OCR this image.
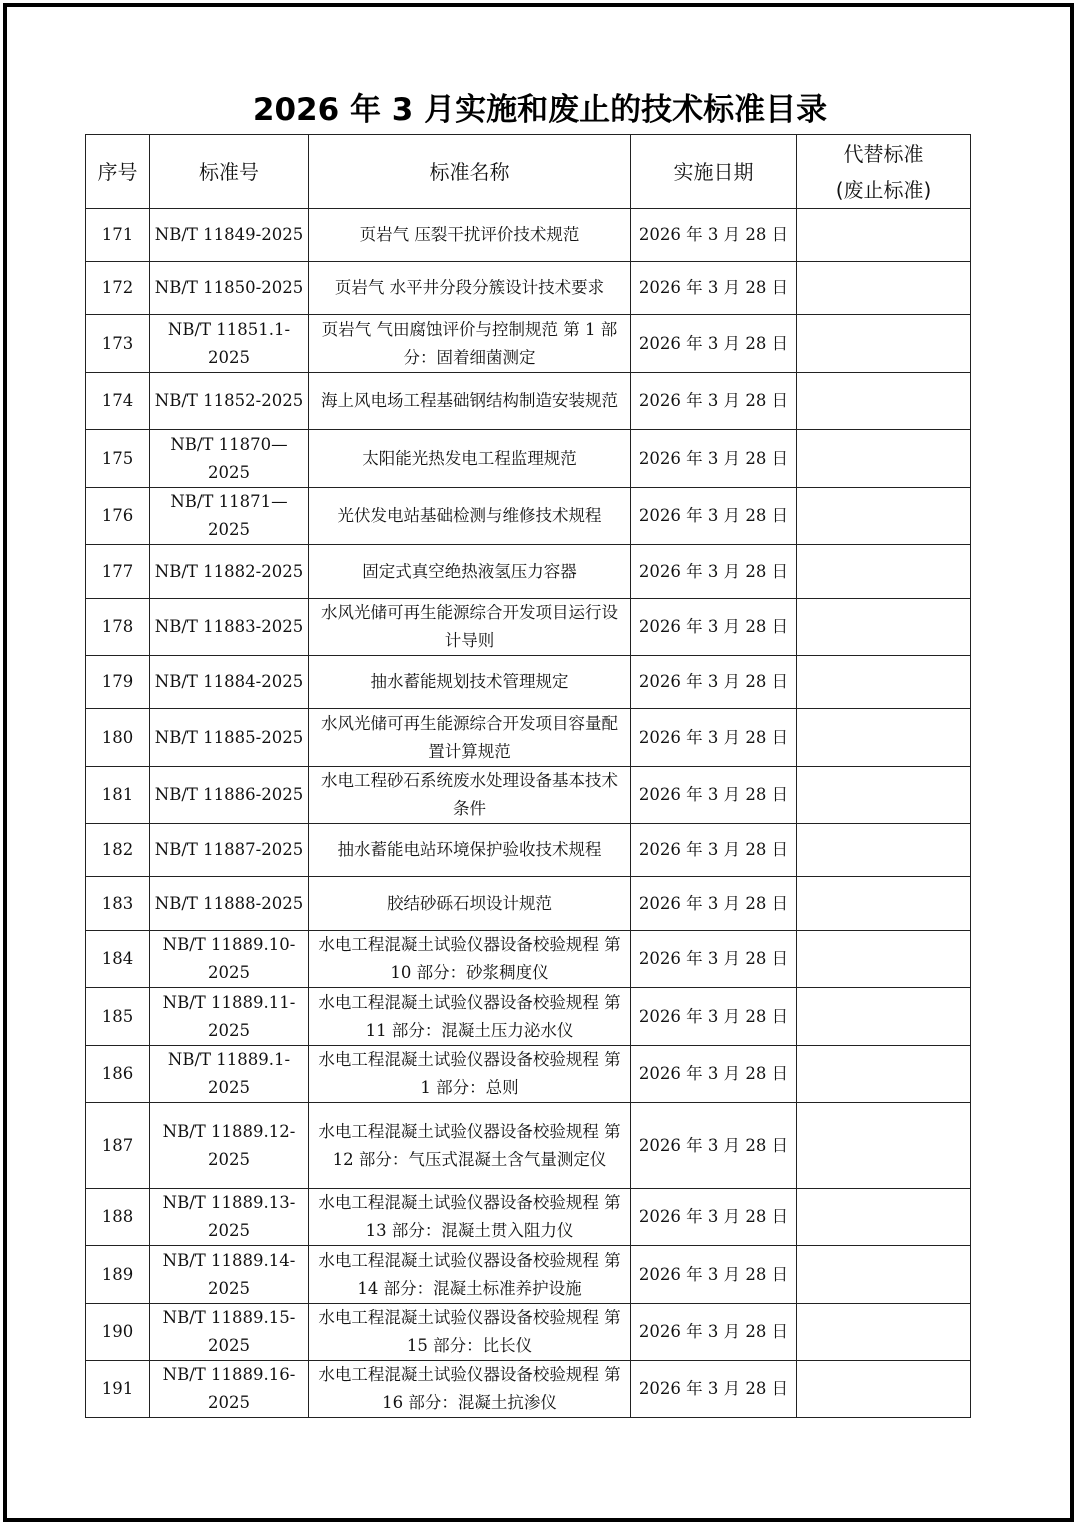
2026 年 3 月实施和废止的技术标准目录
序号	标准号	标准名称	实施日期	代替标准
(废止标准)

171	NB/T 11849-2025	页岩气 压裂干扰评价技术规范	2026 年 3 月 28 日	
172	NB/T 11850-2025	页岩气 水平井分段分簇设计技术要求	2026 年 3 月 28 日	
173	NB/T 11851.1-2025	页岩气 气田腐蚀评价与控制规范 第 1 部分：固着细菌测定	2026 年 3 月 28 日	
174	NB/T 11852-2025	海上风电场工程基础钢结构制造安装规范	2026 年 3 月 28 日	
175	NB/T 11870—2025	太阳能光热发电工程监理规范	2026 年 3 月 28 日	
176	NB/T 11871—2025	光伏发电站基础检测与维修技术规程	2026 年 3 月 28 日	
177	NB/T 11882-2025	固定式真空绝热液氢压力容器	2026 年 3 月 28 日	
178	NB/T 11883-2025	水风光储可再生能源综合开发项目运行设计导则	2026 年 3 月 28 日	
179	NB/T 11884-2025	抽水蓄能规划技术管理规定	2026 年 3 月 28 日	
180	NB/T 11885-2025	水风光储可再生能源综合开发项目容量配置计算规范	2026 年 3 月 28 日	
181	NB/T 11886-2025	水电工程砂石系统废水处理设备基本技术条件	2026 年 3 月 28 日	
182	NB/T 11887-2025	抽水蓄能电站环境保护验收技术规程	2026 年 3 月 28 日	
183	NB/T 11888-2025	胶结砂砾石坝设计规范	2026 年 3 月 28 日	
184	NB/T 11889.10-2025	水电工程混凝土试验仪器设备校验规程 第 10 部分：砂浆稠度仪	2026 年 3 月 28 日	
185	NB/T 11889.11-2025	水电工程混凝土试验仪器设备校验规程 第 11 部分：混凝土压力泌水仪	2026 年 3 月 28 日	
186	NB/T 11889.1-2025	水电工程混凝土试验仪器设备校验规程 第 1 部分：总则	2026 年 3 月 28 日	
187	NB/T 11889.12-2025	水电工程混凝土试验仪器设备校验规程 第 12 部分：气压式混凝土含气量测定仪	2026 年 3 月 28 日	
188	NB/T 11889.13-2025	水电工程混凝土试验仪器设备校验规程 第 13 部分：混凝土贯入阻力仪	2026 年 3 月 28 日	
189	NB/T 11889.14-2025	水电工程混凝土试验仪器设备校验规程 第 14 部分：混凝土标准养护设施	2026 年 3 月 28 日	
190	NB/T 11889.15-2025	水电工程混凝土试验仪器设备校验规程 第 15 部分：比长仪	2026 年 3 月 28 日	
191	NB/T 11889.16-2025	水电工程混凝土试验仪器设备校验规程 第 16 部分：混凝土抗渗仪	2026 年 3 月 28 日	
